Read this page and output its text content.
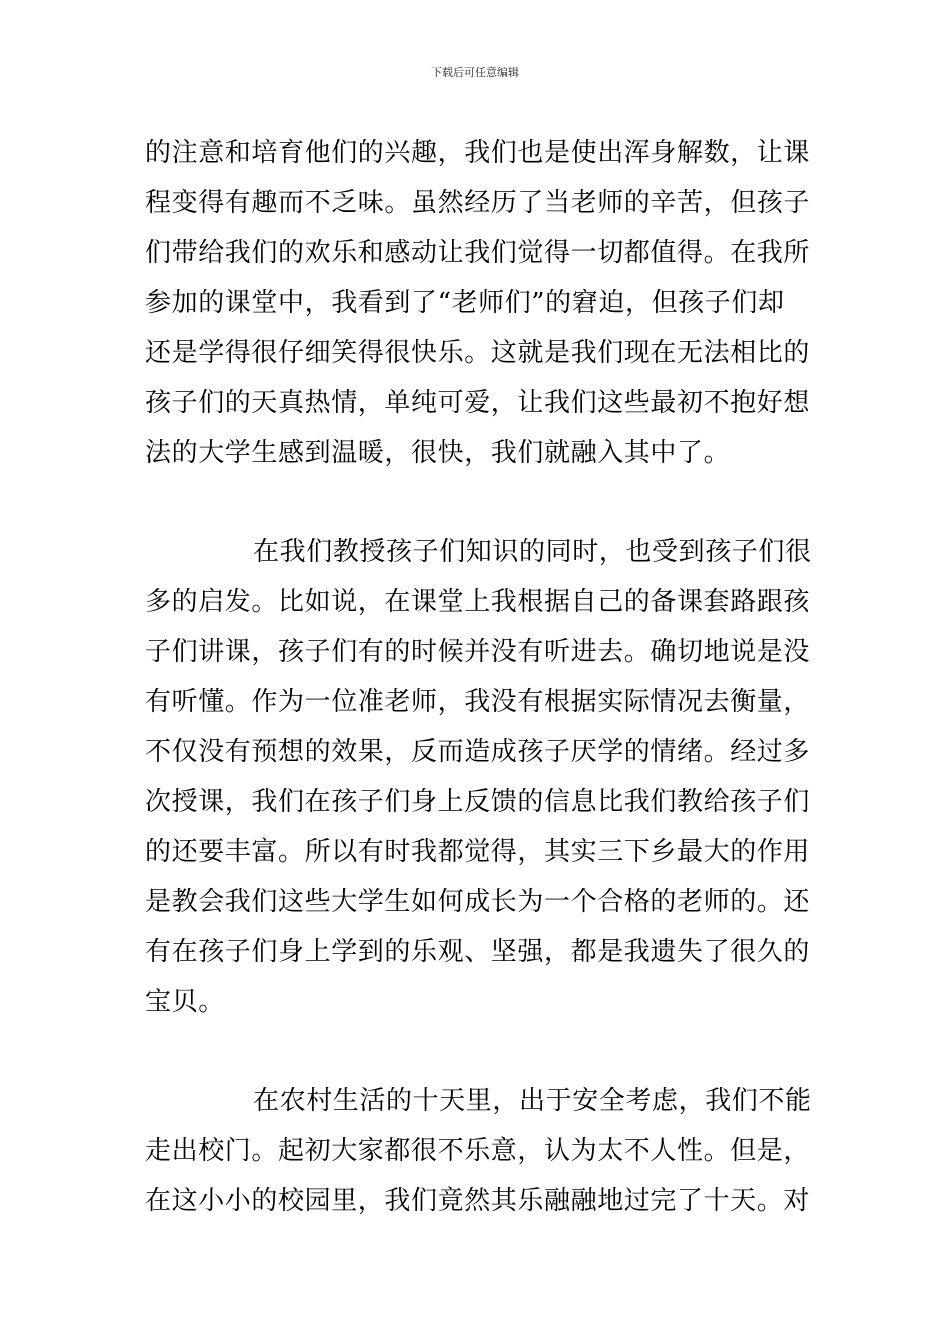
下载后可任意编辑
的注意和培育他们的兴趣，我们也是使出浑身解数，让课
程变得有趣而不乏味。虽然经历了当老师的辛苦，但孩子
们带给我们的欢乐和感动让我们觉得一切都值得。在我所
参加的课堂中，我看到了“老师们”的窘迫，但孩子们却
还是学得很仔细笑得很快乐。这就是我们现在无法相比的
孩子们的天真热情，单纯可爱，让我们这些最初不抱好想
法的大学生感到温暖，很快，我们就融入其中了。
在我们教授孩子们知识的同时，也受到孩子们很
多的启发。比如说，在课堂上我根据自己的备课套路跟孩
子们讲课，孩子们有的时候并没有听进去。确切地说是没
有听懂。作为一位准老师，我没有根据实际情况去衡量，
不仅没有预想的效果，反而造成孩子厌学的情绪。经过多
次授课，我们在孩子们身上反馈的信息比我们教给孩子们
的还要丰富。所以有时我都觉得，其实三下乡最大的作用
是教会我们这些大学生如何成长为一个合格的老师的。还
有在孩子们身上学到的乐观、坚强，都是我遗失了很久的
宝贝。
在农村生活的十天里，出于安全考虑，我们不能
走出校门。起初大家都很不乐意，认为太不人性。但是，
在这小小的校园里，我们竟然其乐融融地过完了十天。对
